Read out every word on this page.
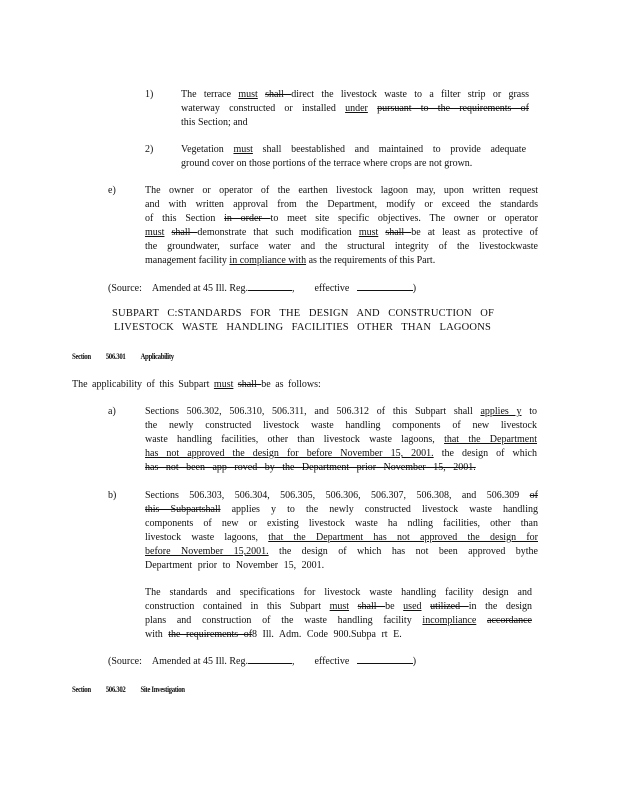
1)	The terrace must shall direct the livestock waste to a filter strip or grass
waterway constructed or installed under pursuant to the requirements of
this Section; and
2)	Vegetation must shall beestablished and maintained to provide adequate
ground cover on those portions of the terrace where crops are not grown.
e)	The owner or operator of the earthen livestock lagoon may, upon written request
and with written approval from the Department, modify or exceed the standards
of this Section in order to meet site specific objectives. The owner or operator
must shall demonstrate that such modification must shall be at least as protective of
the groundwater, surface water and the structural integrity of the livestockwaste
management facility in compliance with as the requirements of this Part.
(Source: Amended at 45 Ill. Reg.	, effective	)
SUBPART C:STANDARDS FOR THE DESIGN AND CONSTRUCTION OF
LIVESTOCK WASTE HANDLING FACILITIES OTHER THAN LAGOONS
Section 506.301 Applicability
The applicability of this Subpart must shall be as follows:
a)	Sections 506.302, 506.310, 506.311, and 506.312 of this Subpart shall applies y to
the newly constructed livestock waste handling components of new livestock
waste handling facilities, other than livestock waste lagoons, that the Department
has not approved the design for before November 15, 2001. the design of which
has not been app roved by the Department prior November 15, 2001.
b)	Sections 506.303, 506.304, 506.305, 506.306, 506.307, 506.308, and 506.309 of
this Subpartshall applies y to the newly constructed livestock waste handling
components of new or existing livestock waste ha ndling facilities, other than
livestock waste lagoons, that the Department has not approved the design for
before November 15,2001. the design of which has not been approved bythe
Department prior to November 15, 2001.
The standards and specifications for livestock waste handling facility design and
construction contained in this Subpart must shall be used utilized in the design
plans and construction of the waste handling facility incompliance accordance
with the requirements of8 Ill. Adm. Code 900.Subpa rt E.
(Source: Amended at 45 Ill. Reg.	, effective	)
Section 506.302 Site Investigation
